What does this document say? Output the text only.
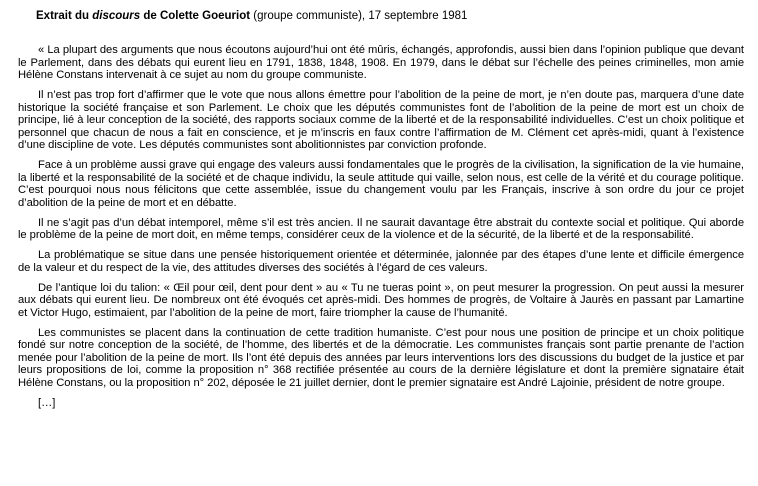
Extrait du discours de Colette Goeuriot (groupe communiste), 17 septembre 1981

« La plupart des arguments que nous écoutons aujourd’hui ont été mûris, échangés, approfondis, aussi bien dans l’opinion publique que devant le Parlement, dans des débats qui eurent lieu en 1791, 1838, 1848, 1908. En 1979, dans le débat sur l’échelle des peines criminelles, mon amie Hélène Constans intervenait à ce sujet au nom du groupe communiste.

Il n’est pas trop fort d’affirmer que le vote que nous allons émettre pour l’abolition de la peine de mort, je n’en doute pas, marquera d’une date historique la société française et son Parlement. Le choix que les députés communistes font de l’abolition de la peine de mort est un choix de principe, lié à leur conception de la société, des rapports sociaux comme de la liberté et de la responsabilité individuelles. C’est un choix politique et personnel que chacun de nous a fait en conscience, et je m’inscris en faux contre l’affirmation de M. Clément cet après-midi, quant à l’existence d’une discipline de vote. Les députés communistes sont abolitionnistes par conviction profonde.

Face à un problème aussi grave qui engage des valeurs aussi fondamentales que le progrès de la civilisation, la signification de la vie humaine, la liberté et la responsabilité de la société et de chaque individu, la seule attitude qui vaille, selon nous, est celle de la vérité et du courage politique. C’est pourquoi nous nous félicitons que cette assemblée, issue du changement voulu par les Français, inscrive à son ordre du jour ce projet d’abolition de la peine de mort et en débatte.

Il ne s’agit pas d’un débat intemporel, même s’il est très ancien. Il ne saurait davantage être abstrait du contexte social et politique. Qui aborde le problème de la peine de mort doit, en même temps, considérer ceux de la violence et de la sécurité, de la liberté et de la responsabilité.

La problématique se situe dans une pensée historiquement orientée et déterminée, jalonnée par des étapes d’une lente et difficile émergence de la valeur et du respect de la vie, des attitudes diverses des sociétés à l’égard de ces valeurs.

De l’antique loi du talion: « Œil pour œil, dent pour dent » au « Tu ne tueras point », on peut mesurer la progression. On peut aussi la mesurer aux débats qui eurent lieu. De nombreux ont été évoqués cet après-midi. Des hommes de progrès, de Voltaire à Jaurès en passant par Lamartine et Victor Hugo, estimaient, par l’abolition de la peine de mort, faire triompher la cause de l’humanité.

Les communistes se placent dans la continuation de cette tradition humaniste. C’est pour nous une position de principe et un choix politique fondé sur notre conception de la société, de l’homme, des libertés et de la démocratie. Les communistes français sont partie prenante de l’action menée pour l’abolition de la peine de mort. Ils l’ont été depuis des années par leurs interventions lors des discussions du budget de la justice et par leurs propositions de loi, comme la proposition n° 368 rectifiée présentée au cours de la dernière législature et dont la première signataire était Hélène Constans, ou la proposition n° 202, déposée le 21 juillet dernier, dont le premier signataire est André Lajoinie, président de notre groupe.

[…]
